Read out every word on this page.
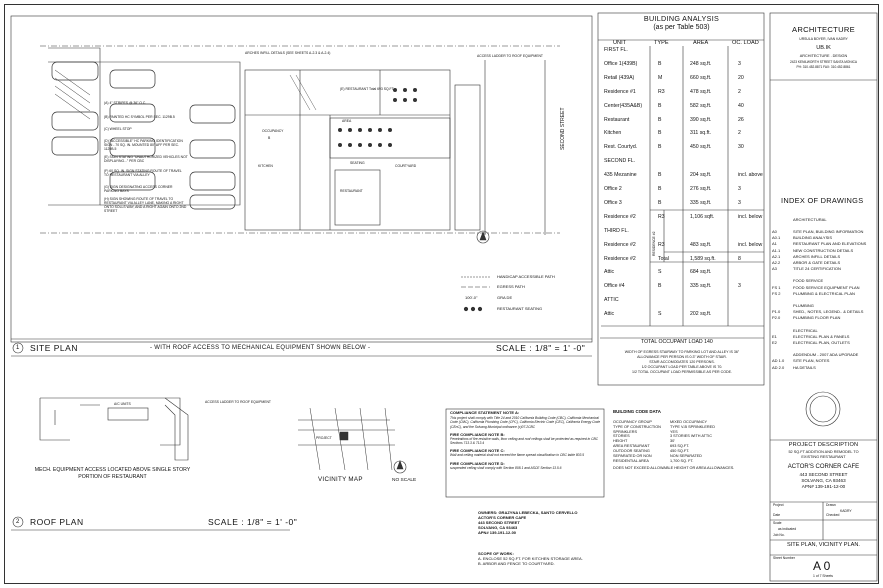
SECOND STREET
ACCESS LADDER TO ROOF EQUIPMENT
ARCHES INFILL DETAILS (SEE SHEETS A-2.3 & A-2.4)
(A) 4" STRIPES @ 36" O.C.
(B) PAINTED HC SYMBOL PER SEC. 1129B.5
(C) WHEEL STOP
(D) "ACCESSIBLE" HC PARKING IDENTIFICATION SIGN - 70 SQ. IN. MOUNTED 80" AFF PER SEC. 1129B.5
(E) SIGN STATING "UNAUTHORIZED VEHICLES NOT DISPLAYING..." PER CBC
(F) 60 SQ. IN. SIGN STATING ROUTE OF TRAVEL TO RESTAURANT VIA ALLEY
(G) SIGN DESIGNATING ACCESS CORNER PARKING BAYS
(H) SIGN SHOWING ROUTE OF TRAVEL TO RESTAURANT VIA ALLEY LANE, MAKING A RIGHT ONTO SOLLS WAY, AND A RIGHT AGAIN ONTO 2ND STREET
(E) RESTAURANT Total 693 SQ.FT.
OCCUPANCY
B
AREA
SEATING
RESTAURANT
KITCHEN	COURTYARD
HANDICAP ACCESSIBLE PATH
EGRESS PATH
100'-0"	GRA DE
RESTAURANT SEATING
1 SITE PLAN	- WITH ROOF ACCESS TO MECHANICAL EQUIPMENT SHOWN BELOW -	SCALE : 1/8" = 1' -0"
ACCESS LADDER TO ROOF EQUIPMENT
A/C UNITS
MECH. EQUIPMENT ACCESS LOCATED ABOVE SINGLE STORY PORTION OF RESTAURANT
2 ROOF PLAN	SCALE : 1/8" = 1' -0"
PROJECT
VICINITY MAP	NO SCALE
COMPLIANCE STATEMENT NOTE A:
This project shall comply with Title 24 and 2010 California Building Code (CBC), California Mechanical Code (CMC), California Plumbing Code (CPC), California Electric Code (CEC), California Energy Code (CEnC), and the Solvang Municipal ordinance (c)07.2CBC
FIRE COMPLIANCE NOTE B:
Penetrations of fire resistive walls, floor ceiling and roof ceilings shall be protected as required in CBC Sections 713.3 & 713.4
FIRE COMPLIANCE NOTE C:
Wall and ceiling material shall not exceed the flame spread classification in CBC table 803.5
FIRE COMPLIANCE NOTE D:
suspended ceiling shall comply with Section 808.1 and ASCE Section 13.5.6
BUILDING CODE DATA
OCCUPANCY GROUP	MIXED OCCUPANCY
TYPE OF CONSTRUCTION TYPE V-B SPRINKLERED
SPRINKLERS	YES
STORIES	3 STORIES WITH ATTIC
HEIGHT	30'
AREA RESTAURANT	693 SQ.FT.
OUTDOOR SEATING	450 SQ.FT.
SEPARATED OR NON	NON SEPARATED
RESIDENTIAL AREA	1,700 SQ. FT.
DOES NOT EXCEED ALLOWABLE HEIGHT OR AREA ALLOWANCES.
OWNERS: GRAZYNA LEBECKA, SANTO CERVELLO
ACTOR'S CORNER CAFE
443 SECOND STREET
SOLVANG, CA 93463
APN# 139-191-12-00
SCOPE OF WORK:
A. ENCLOSE 52 SQ.FT. FOR KITCHEN STORAGE AREA.
B. ARBOR AND FENCE TO COURTYARD.
BUILDING ANALYSIS
(as per Table 503)
UNIT	TYPE	AREA	OC. LOAD
FIRST FL.
Office 1(439B)	B	248 sq.ft.	3
Retail (439A)	M	660 sq.ft.	20
Residence #1	R3	478 sq.ft.	2
Center(435A&B)	B	582 sq.ft.	40
Restaurant	B	390 sq.ft.	26
Kitchen	B	311 sq.ft.	2
Rest. Courtyd.	B	450 sq.ft.	30
SECOND FL.
435 Mezanine	B	204 sq.ft.	incl. above
Office 2	B	276 sq.ft.	3
Office 3	B	335 sq.ft.	3
Residence #2	R3	1,106 sqft.	incl. below
THIRD FL.
Residence #2	R3	483 sq.ft.	incl. below
Residence #2	Total	1,589 sq.ft.	8
Attic	S	684 sq.ft.
Office #4	B	335 sq.ft.	3
ATTIC
Attic	S	202 sq.ft.
RESIDENCE #2
TOTAL OCCUPANT LOAD 140
WIDTH OF EGRESS STAIRWAY TO PARKING LOT AND ALLEY IS 36"
ALLOWANCE PER PERSON IS 0.3" WIDTH OF STAIR.
STAIR ACCOMODATES 120 PERSONS.
1/2 OCCUPANT LOAD PER TABLE ABOVE IS 70.
1/2 TOTAL OCCUPANT LOAD PERMISSIBLE AS PER CODE.
ARCHITECTURE
URSULA BOYER, IVAN KADRY
UB.IK
ARCHITECTURE . DESIGN
2423 KENILWORTH STREET SANTA MONICA
PH: 310.452.8871 FAX: 310.452.8861
INDEX OF DRAWINGS
ARCHITECTURAL
A0	SITE PLAN, BUILDING INFORMATION
A0.1	BUILDING ANALYSIS
A1	RESTAURANT PLAN AND ELEVATIONS
A1.1	NEW CONSTRUCTION DETAILS
A2.1	ARCHES INFILL DETAILS
A2.2	ARBOR & GATE DETAILS
A3	TITLE 24 CERTIFICATION
FOOD SERVICE
FS 1	FOOD SERVICE EQUIPMENT PLAN
FS 2	PLUMBING & ELECTRICAL PLAN
PLUMBING
P1.0	SHED., NOTES, LEGEND.. & DETAILS
P2.0	PLUMBING FLOOR PLAN
ELECTRICAL
E1	ELECTRICAL PLAN & PANELS
E2	ELECTRICAL PLAN, OUTLETS
ADDENDUM - 2007 ADA UPGRADE
AD 1.0 SITE PLAN, NOTES
AD 2.0 HA DETAILS
PROJECT DESCRIPTION
52 SQ.FT ADDITION AND REMODEL TO
EXISTING RESTAURANT
ACTOR'S CORNER CAFE
443 SECOND STREET
SOLVANG, CA 93463
APN# 139-191-12-00
Project	Drawn
KADRY
Date	Checked
Scale
as indicated
Job No.
SITE PLAN, VICINITY PLAN.
Sheet Number
A 0
1 of 7 Sheets
